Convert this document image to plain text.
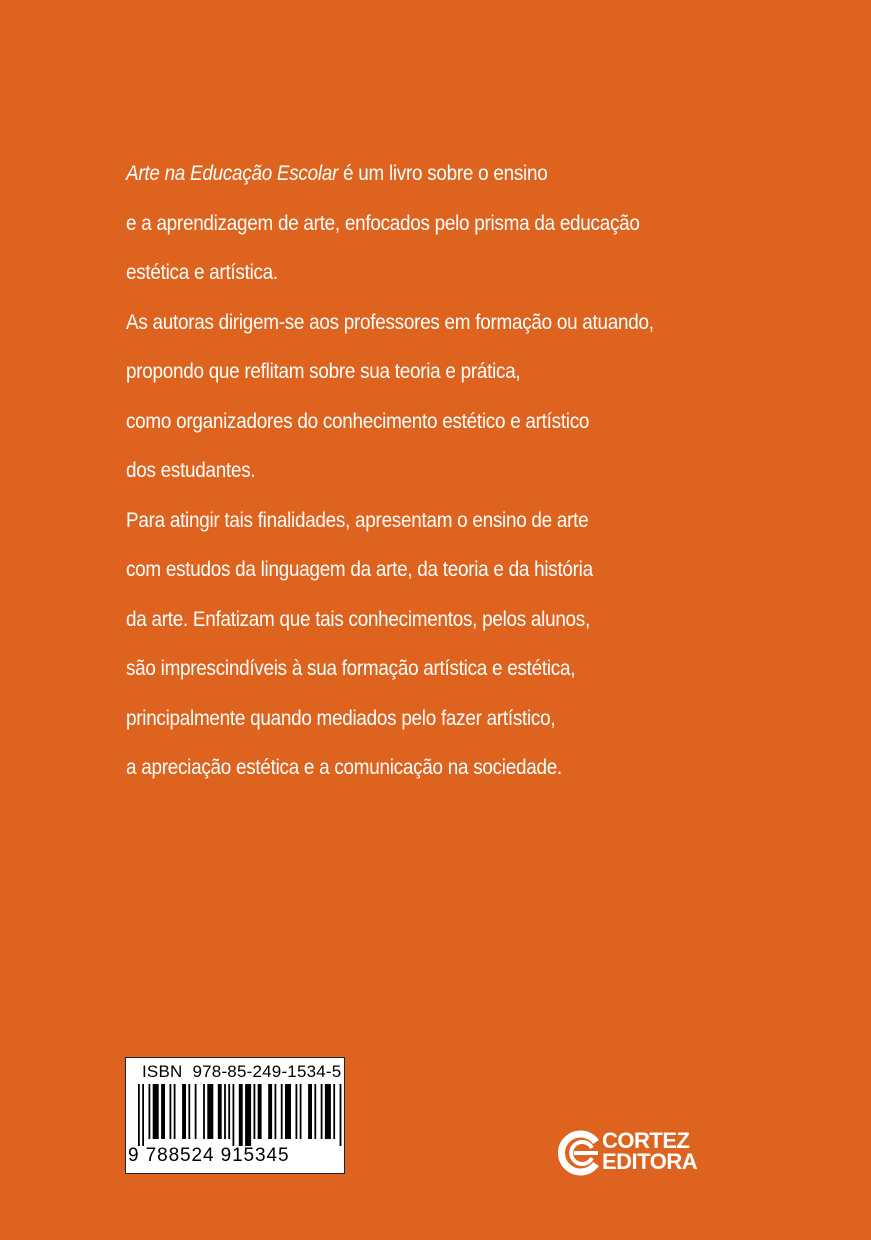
Arte na Educação Escolar é um livro sobre o ensino
e a aprendizagem de arte, enfocados pelo prisma da educação
estética e artística.
As autoras dirigem-se aos professores em formação ou atuando,
propondo que reflitam sobre sua teoria e prática,
como organizadores do conhecimento estético e artístico
dos estudantes.
Para atingir tais finalidades, apresentam o ensino de arte
com estudos da linguagem da arte, da teoria e da história
da arte. Enfatizam que tais conhecimentos, pelos alunos,
são imprescindíveis à sua formação artística e estética,
principalmente quando mediados pelo fazer artístico,
a apreciação estética e a comunicação na sociedade.
ISBN 978-85-249-1534-5
9 788524 915345
CORTEZ
EDITORA
